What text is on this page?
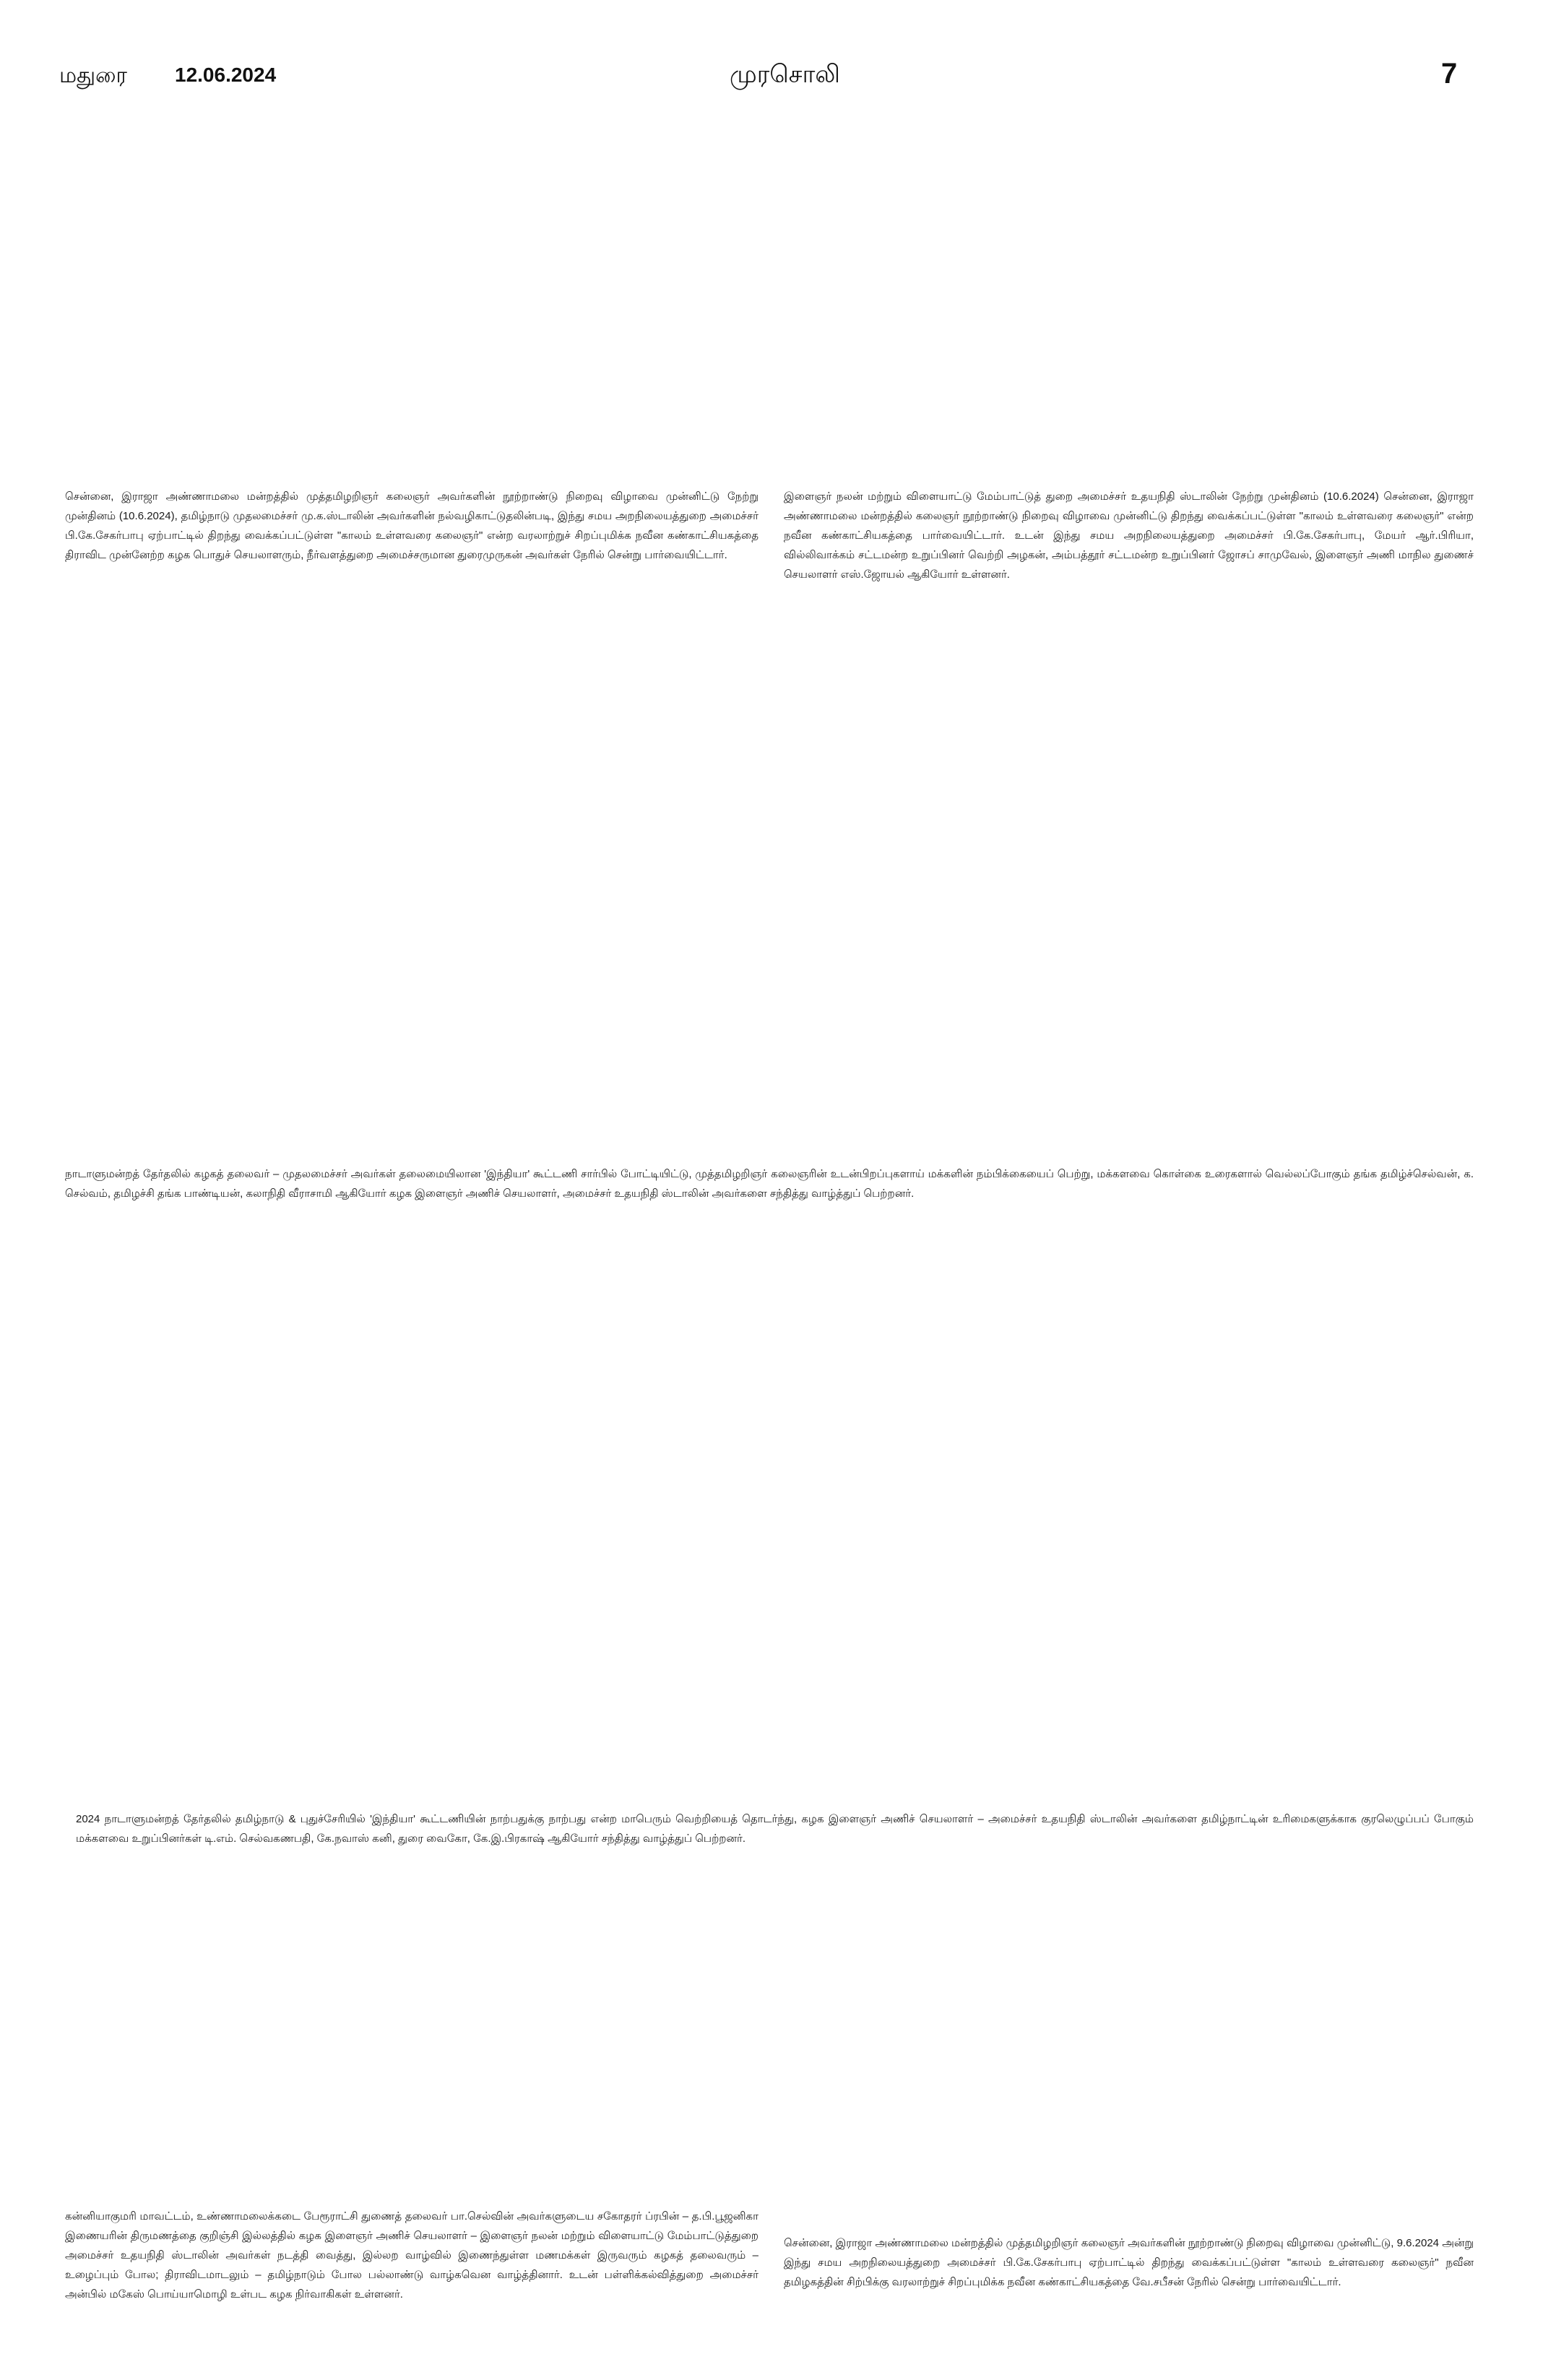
மதுரை 12.06.2024	முரசொலி	7
சென்னை, இராஜா அண்ணாமலை மன்றத்தில் முத்தமிழறிஞர் கலைஞர் அவர்களின் நூற்றாண்டு நிறைவு விழாவை முன்னிட்டு நேற்று முன்தினம் (10.6.2024), தமிழ்நாடு முதலமைச்சர் மு.க.ஸ்டாலின் அவர்களின் நல்வழிகாட்டுதலின்படி, இந்து சமய அறநிலையத்துறை அமைச்சர் பி.கே.சேகர்பாபு ஏற்பாட்டில் திறந்து வைக்கப்பட்டுள்ள "காலம் உள்ளவரை கலைஞர்" என்ற வரலாற்றுச் சிறப்புமிக்க நவீன கண்காட்சியகத்தை திராவிட முன்னேற்ற கழக பொதுச் செயலாளரும், நீர்வளத்துறை அமைச்சருமான துரைமுருகன் அவர்கள் நேரில் சென்று பார்வையிட்டார்.
இளைஞர் நலன் மற்றும் விளையாட்டு மேம்பாட்டுத் துறை அமைச்சர் உதயநிதி ஸ்டாலின் நேற்று முன்தினம் (10.6.2024) சென்னை, இராஜா அண்ணாமலை மன்றத்தில் கலைஞர் நூற்றாண்டு நிறைவு விழாவை முன்னிட்டு திறந்து வைக்கப்பட்டுள்ள "காலம் உள்ளவரை கலைஞர்" என்ற நவீன கண்காட்சியகத்தை பார்வையிட்டார். உடன் இந்து சமய அறநிலையத்துறை அமைச்சர் பி.கே.சேகர்பாபு, மேயர் ஆர்.பிரியா, வில்லிவாக்கம் சட்டமன்ற உறுப்பினர் வெற்றி அழகன், அம்பத்தூர் சட்டமன்ற உறுப்பினர் ஜோசப் சாமுவேல், இளைஞர் அணி மாநில துணைச் செயலாளர் எஸ்.ஜோயல் ஆகியோர் உள்ளனர்.
நாடாளுமன்றத் தேர்தலில் கழகத் தலைவர் – முதலமைச்சர் அவர்கள் தலைமையிலான 'இந்தியா' கூட்டணி சார்பில் போட்டியிட்டு, முத்தமிழறிஞர் கலைஞரின் உடன்பிறப்புகளாய் மக்களின் நம்பிக்கையைப் பெற்று, மக்களவை கொள்கை உரைகளால் வெல்லப்போகும் தங்க தமிழ்ச்செல்வன், க. செல்வம், தமிழச்சி தங்க பாண்டியன், கலாநிதி வீராசாமி ஆகியோர் கழக இளைஞர் அணிச் செயலாளர், அமைச்சர் உதயநிதி ஸ்டாலின் அவர்களை சந்தித்து வாழ்த்துப் பெற்றனர்.
2024 நாடாளுமன்றத் தேர்தலில் தமிழ்நாடு & புதுச்சேரியில் 'இந்தியா' கூட்டணியின் நாற்பதுக்கு நாற்பது என்ற மாபெரும் வெற்றியைத் தொடர்ந்து, கழக இளைஞர் அணிச் செயலாளர் – அமைச்சர் உதயநிதி ஸ்டாலின் அவர்களை தமிழ்நாட்டின் உரிமைகளுக்காக குரலெழுப்பப் போகும் மக்களவை உறுப்பினர்கள் டி.எம். செல்வகணபதி, கே.நவாஸ் கனி, துரை வைகோ, கே.இ.பிரகாஷ் ஆகியோர் சந்தித்து வாழ்த்துப் பெற்றனர்.
கன்னியாகுமரி மாவட்டம், உண்ணாமலைக்கடை பேரூராட்சி துணைத் தலைவர் பா.செல்வின் அவர்களுடைய சகோதரர் ப்ரபின் – த.பி.பூஜனிகா இணையரின் திருமணத்தை குறிஞ்சி இல்லத்தில் கழக இளைஞர் அணிச் செயலாளர் – இளைஞர் நலன் மற்றும் விளையாட்டு மேம்பாட்டுத்துறை அமைச்சர் உதயநிதி ஸ்டாலின் அவர்கள் நடத்தி வைத்து, இல்லற வாழ்வில் இணைந்துள்ள மணமக்கள் இருவரும் கழகத் தலைவரும் – உழைப்பும் போல; திராவிடமாடலும் – தமிழ்நாடும் போல பல்லாண்டு வாழ்கவென வாழ்த்தினார். உடன் பள்ளிக்கல்வித்துறை அமைச்சர் அன்பில் மகேஸ் பொய்யாமொழி உள்பட கழக நிர்வாகிகள் உள்ளனர்.
சென்னை, இராஜா அண்ணாமலை மன்றத்தில் முத்தமிழறிஞர் கலைஞர் அவர்களின் நூற்றாண்டு நிறைவு விழாவை முன்னிட்டு, 9.6.2024 அன்று இந்து சமய அறநிலையத்துறை அமைச்சர் பி.கே.சேகர்பாபு ஏற்பாட்டில் திறந்து வைக்கப்பட்டுள்ள "காலம் உள்ளவரை கலைஞர்" நவீன தமிழகத்தின் சிற்பிக்கு வரலாற்றுச் சிறப்புமிக்க நவீன கண்காட்சியகத்தை வே.சபீசன் நேரில் சென்று பார்வையிட்டார்.
